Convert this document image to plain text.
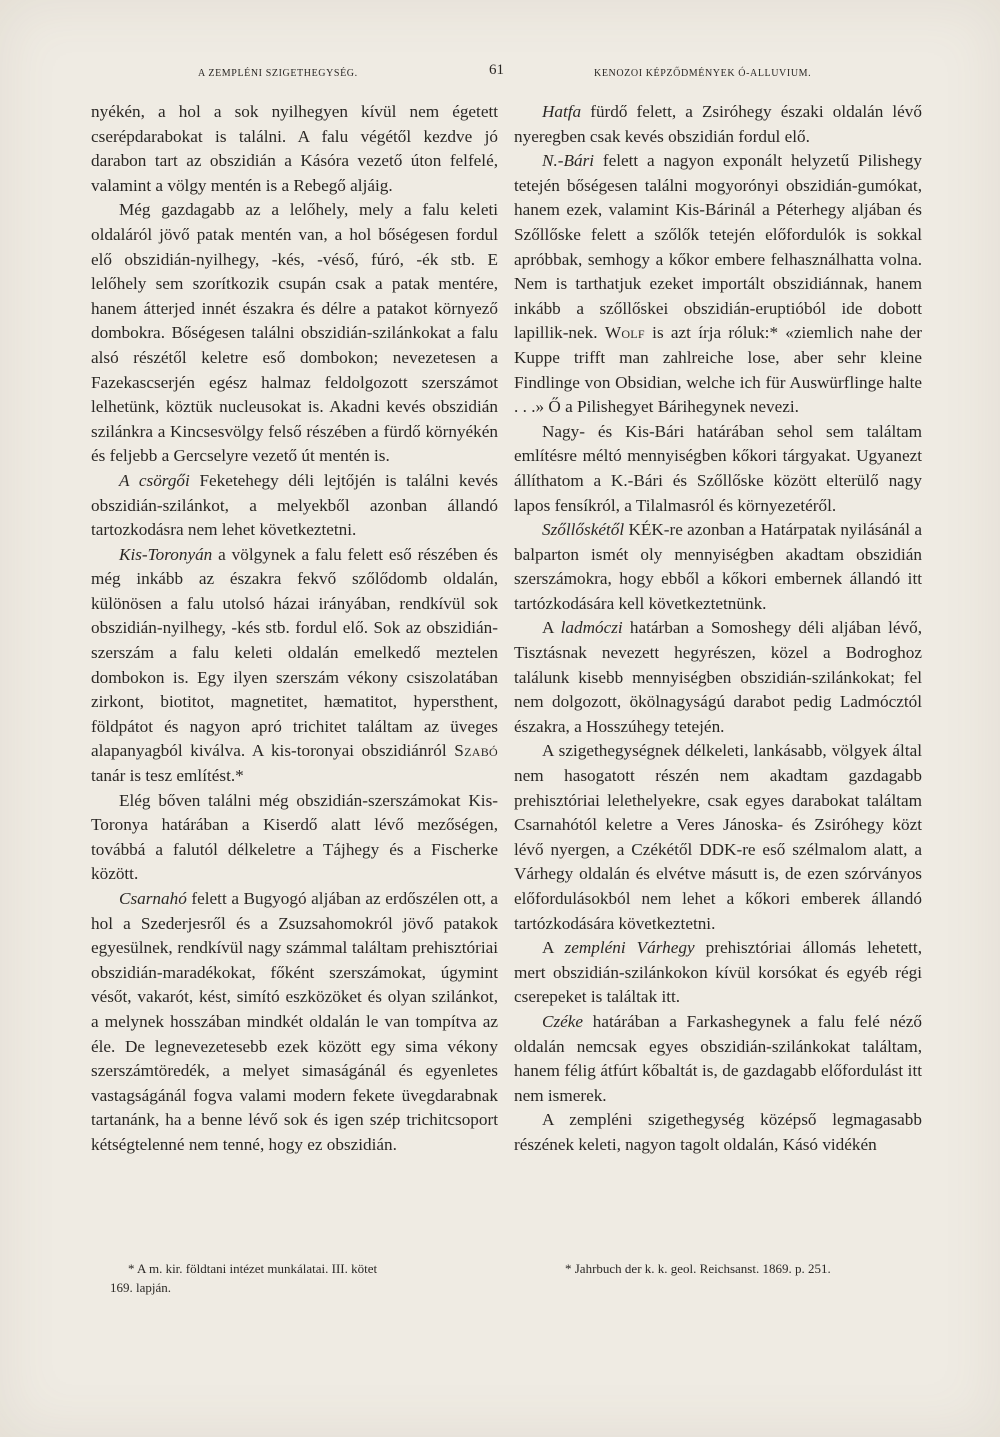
A ZEMPLÉNI SZIGETHEGYSÉG.	61	KENOZOI KÉPZŐDMÉNYEK Ó-ALLUVIUM.

nyékén, a hol a sok nyilhegyen kívül nem égetett cserépdarabokat is találni. A falu végétől kezdve jó darabon tart az obszidián a Kásóra vezető úton felfelé, valamint a völgy mentén is a Rebegő aljáig.

Még gazdagabb az a lelőhely, mely a falu keleti oldaláról jövő patak mentén van, a hol bőségesen fordul elő obszidián-nyilhegy, -kés, -véső, fúró, -ék stb. E lelőhely sem szorítkozik csupán csak a patak mentére, hanem átterjed innét északra és délre a patakot környező dombokra. Bőségesen találni obszidián-szilánkokat a falu alsó részétől keletre eső dombokon; nevezetesen a Fazekascserjén egész halmaz feldolgozott szerszámot lelhetünk, köztük nucleusokat is. Akadni kevés obszidián szilánkra a Kincsesvölgy felső részében a fürdő környékén és feljebb a Gercselyre vezető út mentén is.

A csörgői Feketehegy déli lejtőjén is találni kevés obszidián-szilánkot, a melyekből azonban állandó tartozkodásra nem lehet következtetni.

Kis-Toronyán a völgynek a falu felett eső részében és még inkább az északra fekvő szőlődomb oldalán, különösen a falu utolsó házai irányában, rendkívül sok obszidián-nyilhegy, -kés stb. fordul elő. Sok az obszidián-szerszám a falu keleti oldalán emelkedő meztelen dombokon is. Egy ilyen szerszám vékony csiszolatában zirkont, biotitot, magnetitet, hæmatitot, hypersthent, földpátot és nagyon apró trichitet találtam az üveges alapanyagból kiválva. A kis-toronyai obszidiánról Szabó tanár is tesz említést.*

Elég bőven találni még obszidián-szerszámokat Kis-Toronya határában a Kiserdő alatt lévő mezőségen, továbbá a falutól délkeletre a Tájhegy és a Fischerke között.

Csarnahó felett a Bugyogó aljában az erdőszélen ott, a hol a Szederjesről és a Zsuzsahomokról jövő patakok egyesülnek, rendkívül nagy számmal találtam prehisztóriai obszidián-maradékokat, főként szerszámokat, úgymint vésőt, vakarót, kést, simító eszközöket és olyan szilánkot, a melynek hosszában mindkét oldalán le van tompítva az éle. De legnevezetesebb ezek között egy sima vékony szerszámtöredék, a melyet simaságánál és egyenletes vastagságánál fogva valami modern fekete üvegdarabnak tartanánk, ha a benne lévő sok és igen szép trichitcsoport kétségtelenné nem tenné, hogy ez obszidián.

Hatfa fürdő felett, a Zsiróhegy északi oldalán lévő nyeregben csak kevés obszidián fordul elő.

N.-Bári felett a nagyon exponált helyzetű Pilishegy tetején bőségesen találni mogyorónyi obszidián-gumókat, hanem ezek, valamint Kis-Bárinál a Péterhegy aljában és Szőllőske felett a szőlők tetején előfordulók is sokkal apróbbak, semhogy a kőkor embere felhasználhatta volna. Nem is tarthatjuk ezeket importált obszidiánnak, hanem inkább a szőllőskei obszidián-eruptióból ide dobott lapillik-nek. Wolf is azt írja róluk:* «ziemlich nahe der Kuppe trifft man zahlreiche lose, aber sehr kleine Findlinge von Obsidian, welche ich für Auswürflinge halte . . .» Ő a Pilishegyet Bárihegynek nevezi.

Nagy- és Kis-Bári határában sehol sem találtam említésre méltó mennyiségben kőkori tárgyakat. Ugyanezt állíthatom a K.-Bári és Szőllőske között elterülő nagy lapos fensíkról, a Tilalmasról és környezetéről.

Szőllőskétől KÉK-re azonban a Határpatak nyilásánál a balparton ismét oly mennyiségben akadtam obszidián szerszámokra, hogy ebből a kőkori embernek állandó itt tartózkodására kell következtetnünk.

A ladmóczi határban a Somoshegy déli aljában lévő, Tisztásnak nevezett hegyrészen, közel a Bodroghoz találunk kisebb mennyiségben obszidián-szilánkokat; fel nem dolgozott, ökölnagyságú darabot pedig Ladmócztól északra, a Hosszúhegy tetején.

A szigethegységnek délkeleti, lankásabb, völgyek által nem hasogatott részén nem akadtam gazdagabb prehisztóriai lelethelyekre, csak egyes darabokat találtam Csarnahótól keletre a Veres Jánoska- és Zsiróhegy közt lévő nyergen, a Czékétől DDK-re eső szélmalom alatt, a Várhegy oldalán és elvétve másutt is, de ezen szórványos előfordulásokból nem lehet a kőkori emberek állandó tartózkodására következtetni.

A zempléni Várhegy prehisztóriai állomás lehetett, mert obszidián-szilánkokon kívül korsókat és egyéb régi cserepeket is találtak itt.

Czéke határában a Farkashegynek a falu felé néző oldalán nemcsak egyes obszidián-szilánkokat találtam, hanem félig átfúrt kőbaltát is, de gazdagabb előfordulást itt nem ismerek.

A zempléni szigethegység középső legmagasabb részének keleti, nagyon tagolt oldalán, Kásó vidékén

* A m. kir. földtani intézet munkálatai. III. kötet
169. lapján.
* Jahrbuch der k. k. geol. Reichsanst. 1869. p. 251.
